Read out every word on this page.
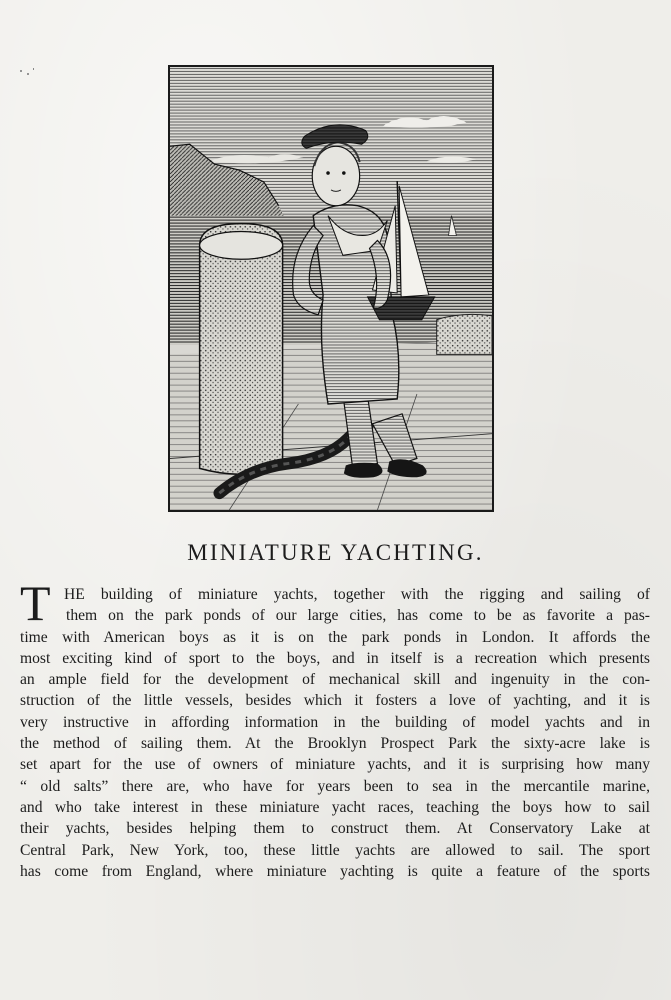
MINIATURE YACHTING.
T HE building of miniature yachts, together with the rigging and sailing of
them on the park ponds of our large cities, has come to be as favorite a pas-
time with American boys as it is on the park ponds in London. It affords the
most exciting kind of sport to the boys, and in itself is a recreation which presents
an ample field for the development of mechanical skill and ingenuity in the con-
struction of the little vessels, besides which it fosters a love of yachting, and it is
very instructive in affording information in the building of model yachts and in
the method of sailing them. At the Brooklyn Prospect Park the sixty-acre lake is
set apart for the use of owners of miniature yachts, and it is surprising how many
“ old salts” there are, who have for years been to sea in the mercantile marine,
and who take interest in these miniature yacht races, teaching the boys how to sail
their yachts, besides helping them to construct them. At Conservatory Lake at
Central Park, New York, too, these little yachts are allowed to sail. The sport
has come from England, where miniature yachting is quite a feature of the sports
